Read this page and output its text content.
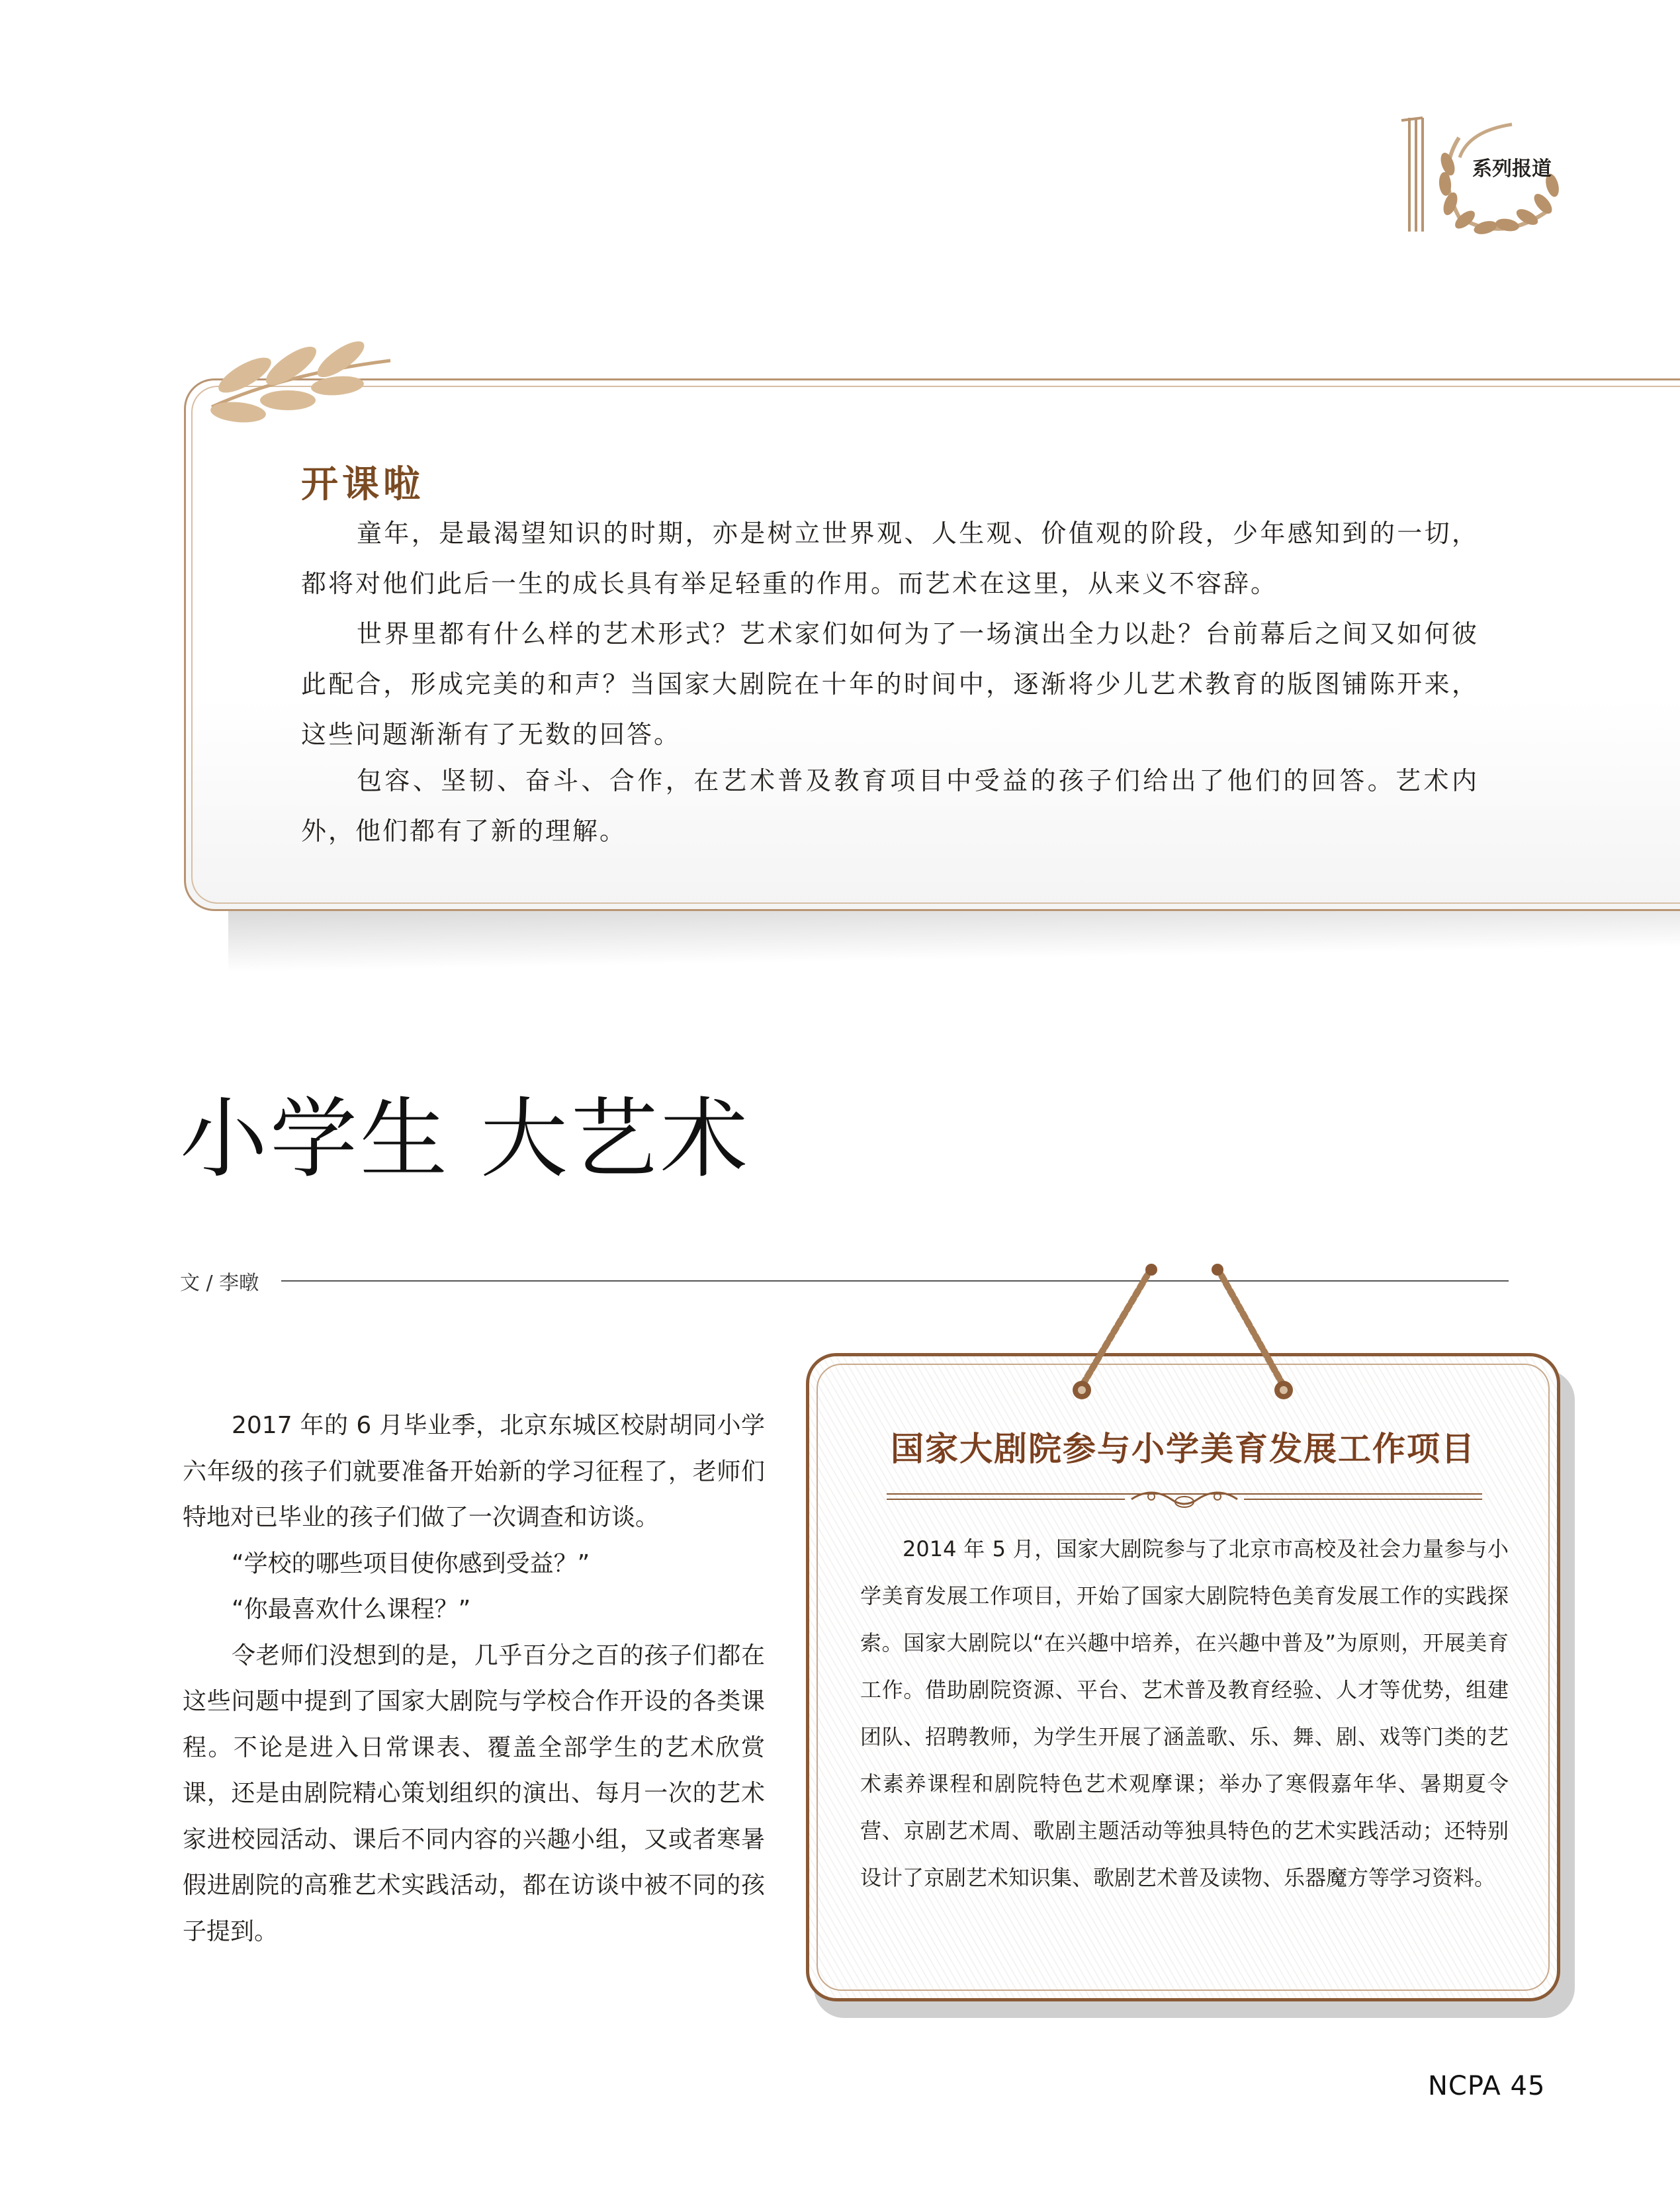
系列报道
开课啦
童年，是最渴望知识的时期，亦是树立世界观、人生观、价值观的阶段，少年感知到的一切，都将对他们此后一生的成长具有举足轻重的作用。而艺术在这里，从来义不容辞。
世界里都有什么样的艺术形式？艺术家们如何为了一场演出全力以赴？台前幕后之间又如何彼此配合，形成完美的和声？当国家大剧院在十年的时间中，逐渐将少儿艺术教育的版图铺陈开来，这些问题渐渐有了无数的回答。
包容、坚韧、奋斗、合作，在艺术普及教育项目中受益的孩子们给出了他们的回答。艺术内外，他们都有了新的理解。
小学生 大艺术
文 / 李暾

2017 年的 6 月毕业季，北京东城区校尉胡同小学六年级的孩子们就要准备开始新的学习征程了，老师们特地对已毕业的孩子们做了一次调查和访谈。

“学校的哪些项目使你感到受益？”

“你最喜欢什么课程？”

令老师们没想到的是，几乎百分之百的孩子们都在这些问题中提到了国家大剧院与学校合作开设的各类课程。不论是进入日常课表、覆盖全部学生的艺术欣赏课，还是由剧院精心策划组织的演出、每月一次的艺术家进校园活动、课后不同内容的兴趣小组，又或者寒暑假进剧院的高雅艺术实践活动，都在访谈中被不同的孩子提到。

国家大剧院参与小学美育发展工作项目

2014 年 5 月，国家大剧院参与了北京市高校及社会力量参与小学美育发展工作项目，开始了国家大剧院特色美育发展工作的实践探索。国家大剧院以“在兴趣中培养，在兴趣中普及”为原则，开展美育工作。借助剧院资源、平台、艺术普及教育经验、人才等优势，组建团队、招聘教师，为学生开展了涵盖歌、乐、舞、剧、戏等门类的艺术素养课程和剧院特色艺术观摩课；举办了寒假嘉年华、暑期夏令营、京剧艺术周、歌剧主题活动等独具特色的艺术实践活动；还特别设计了京剧艺术知识集、歌剧艺术普及读物、乐器魔方等学习资料。

NCPA 45
